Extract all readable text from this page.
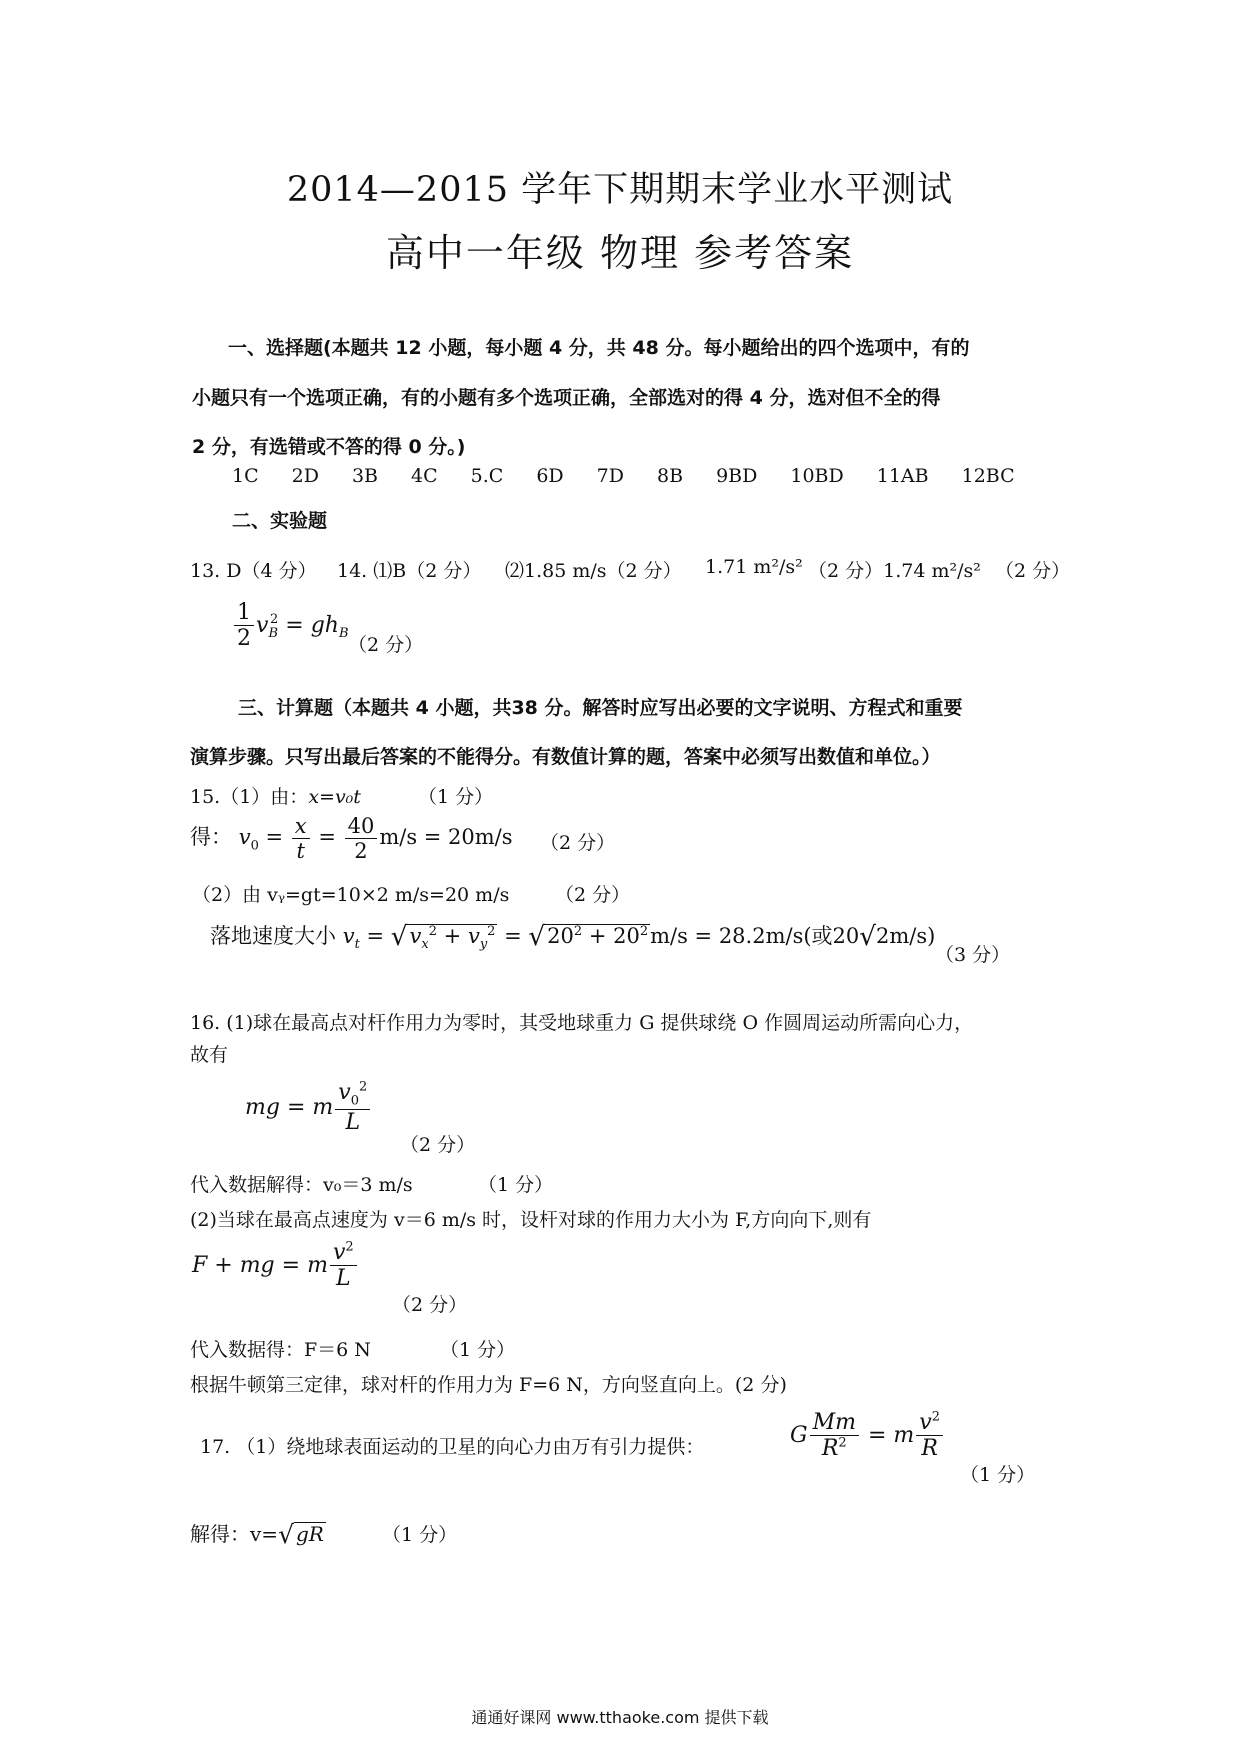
2014—2015 学年下期期末学业水平测试
高中一年级 物理 参考答案
一、选择题(本题共 12 小题，每小题 4 分，共 48 分。每小题给出的四个选项中，有的
小题只有一个选项正确，有的小题有多个选项正确，全部选对的得 4 分，选对但不全的得
2 分，有选错或不答的得 0 分。)
1C 2D 3B 4C 5.C 6D 7D 8B 9BD 10BD 11AB 12BC
二、实验题
13. D（4 分） 14. ⑴B（2 分） ⑵1.85 m/s（2 分） 1.71 m²/s² （2 分）1.74 m²/s² （2 分）
$\frac{1}{2} v_B^2 = gh_B$
（2 分）
三、计算题（本题共 4 小题，共38 分。解答时应写出必要的文字说明、方程式和重要
演算步骤。只写出最后答案的不能得分。有数值计算的题，答案中必须写出数值和单位。）
15.（1）由：x=v₀t	（1 分）
得： $v_0 = \frac{x}{t} = \frac{40}{2} m/s = 20m/s$ （2 分）
（2）由 vᵧ=gt=10×2 m/s=20 m/s （2 分）
落地速度大小 $v_t = √v_x^2 + v_y^2 = √20^2 + 20^2m/s = 28.2m/s$(或20√2m/s)
（3 分）
16. (1)球在最高点对杆作用力为零时，其受地球重力 G 提供球绕 O 作圆周运动所需向心力，
故有
mg = m $\frac{v_0^2}{L}$
（2 分）
代入数据解得：v₀＝3 m/s	（1 分）
(2)当球在最高点速度为 v＝6 m/s 时，设杆对球的作用力大小为 F,方向向下,则有
F + mg = m $\frac{v^2}{L}$
（2 分）
代入数据得：F＝6 N	（1 分）
根据牛顿第三定律，球对杆的作用力为 F=6 N，方向竖直向上。(2 分)
17. （1）绕地球表面运动的卫星的向心力由万有引力提供：	G $\frac{Mm}{R^2} = m \frac{v^2}{R}$
（1 分）
解得：v=√ gR	（1 分）
通通好课网 www.tthaoke.com 提供下载
